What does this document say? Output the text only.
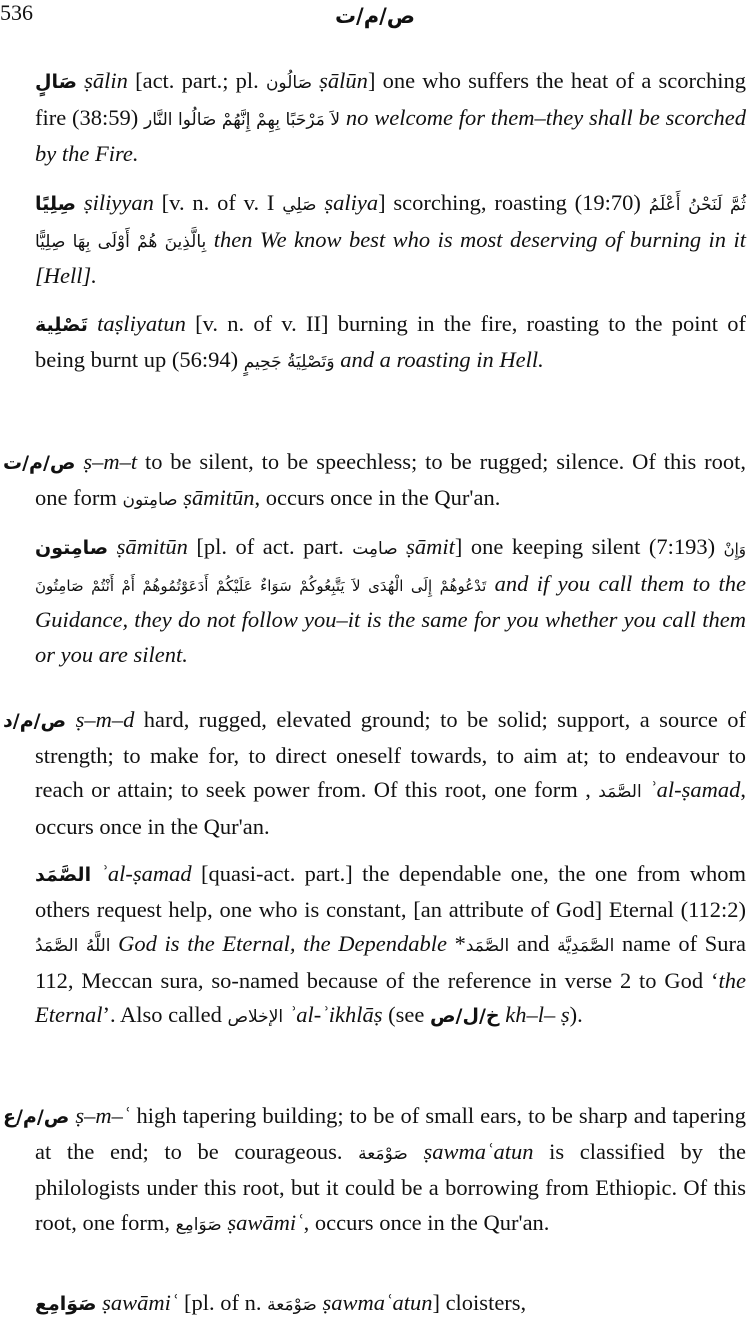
536	ص/م/ت
صَالٍ ṣālin [act. part.; pl. صَالُون ṣālūn] one who suffers the heat of a scorching fire (38:59) لاَ مَرْحَبًا بِهِمْ إِنَّهُمْ صَالُوا النَّار no welcome for them–they shall be scorched by the Fire.
صِلِيًا ṣiliyyan [v. n. of v. I صَلِي ṣaliya] scorching, roasting (19:70) ثُمَّ لَنَحْنُ أَعْلَمُ بِالَّذِينَ هُمْ أَوْلَى بِهَا صِلِيًّا then We know best who is most deserving of burning in it [Hell].
تَصْلِية taṣliyatun [v. n. of v. II] burning in the fire, roasting to the point of being burnt up (56:94) وَتَصْلِيَةُ جَحِيمٍ and a roasting in Hell.
ص/م/ت ṣ–m–t to be silent, to be speechless; to be rugged; silence. Of this root, one form صامِتون ṣāmitūn, occurs once in the Qur'an.
صامِتون ṣāmitūn [pl. of act. part. صامِت ṣāmit] one keeping silent (7:193) وَإِنْ تَدْعُوهُمْ إِلَى الْهُدَى لاَ يَتَّبِعُوكُمْ سَوَاءٌ عَلَيْكُمْ أَدَعَوْتُمُوهُمْ أَمْ أَنْتُمْ صَامِتُونَ and if you call them to the Guidance, they do not follow you–it is the same for you whether you call them or you are silent.
ص/م/د ṣ–m–d hard, rugged, elevated ground; to be solid; support, a source of strength; to make for, to direct oneself towards, to aim at; to endeavour to reach or attain; to seek power from. Of this root, one form , الصَّمَد ʾal-ṣamad, occurs once in the Qur'an.
الصَّمَد ʾal-ṣamad [quasi-act. part.] the dependable one, the one from whom others request help, one who is constant, [an attribute of God] Eternal (112:2) اللَّهُ الصَّمَدُ God is the Eternal, the Dependable *الصَّمَد and الصَّمَدِيَّة name of Sura 112, Meccan sura, so-named because of the reference in verse 2 to God ‘the Eternal’. Also called الإخلاص ʾal-ʾikhlāṣ (see خ/ل/ص kh–l– ṣ).
ص/م/ع ṣ–m–ʿ high tapering building; to be of small ears, to be sharp and tapering at the end; to be courageous. صَوْمَعة ṣawmaʿatun is classified by the philologists under this root, but it could be a borrowing from Ethiopic. Of this root, one form, صَوَامِع ṣawāmiʿ, occurs once in the Qur'an.
صَوَامِع ṣawāmiʿ [pl. of n. صَوْمَعة ṣawmaʿatun] cloisters,
